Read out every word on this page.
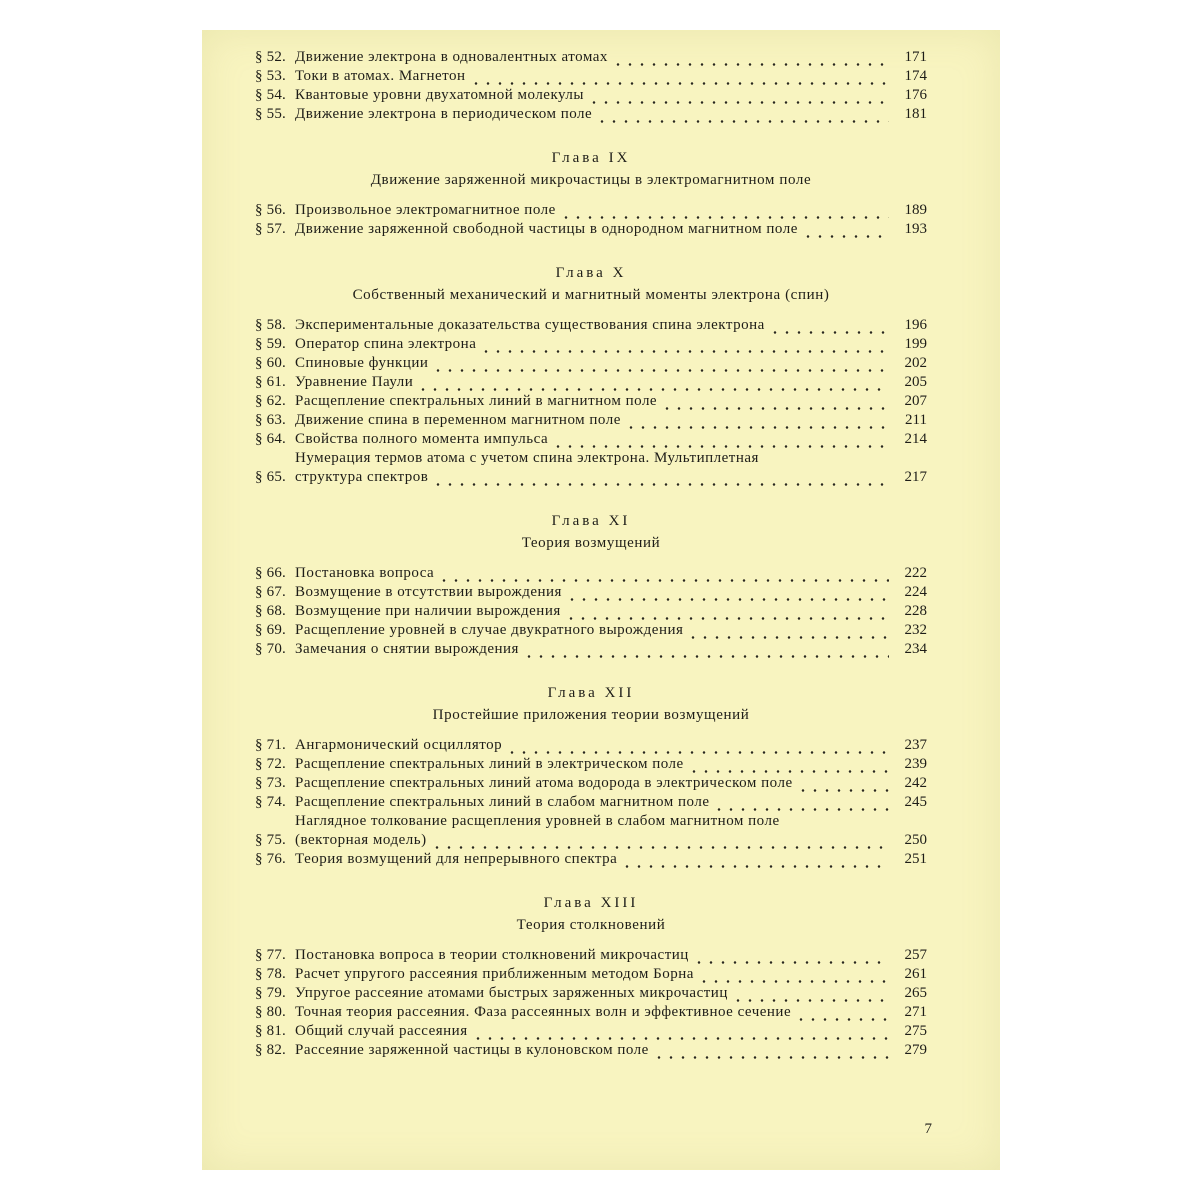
§ 52. Движение электрона в одновалентных атомах	171
§ 53. Токи в атомах. Магнетон	174
§ 54. Квантовые уровни двухатомной молекулы	176
§ 55. Движение электрона в периодическом поле	181
Глава IX
Движение заряженной микрочастицы в электромагнитном поле
§ 56. Произвольное электромагнитное поле	189
§ 57. Движение заряженной свободной частицы в однородном магнитном поле	193
Глава X
Собственный механический и магнитный моменты электрона (спин)
§ 58. Экспериментальные доказательства существования спина электрона	196
§ 59. Оператор спина электрона	199
§ 60. Спиновые функции	202
§ 61. Уравнение Паули	205
§ 62. Расщепление спектральных линий в магнитном поле	207
§ 63. Движение спина в переменном магнитном поле	211
§ 64. Свойства полного момента импульса	214
§ 65.
Нумерация термов атома с учетом спина электрона. Мультиплетная
структура спектров	217
Глава XI
Теория возмущений
§ 66. Постановка вопроса	222
§ 67. Возмущение в отсутствии вырождения	224
§ 68. Возмущение при наличии вырождения	228
§ 69. Расщепление уровней в случае двукратного вырождения	232
§ 70. Замечания о снятии вырождения	234
Глава XII
Простейшие приложения теории возмущений
§ 71. Ангармонический осциллятор	237
§ 72. Расщепление спектральных линий в электрическом поле	239
§ 73. Расщепление спектральных линий атома водорода в электрическом поле	242
§ 74. Расщепление спектральных линий в слабом магнитном поле	245
§ 75.
Наглядное толкование расщепления уровней в слабом магнитном поле
(векторная модель)	250
§ 76. Теория возмущений для непрерывного спектра	251
Глава XIII
Теория столкновений
§ 77. Постановка вопроса в теории столкновений микрочастиц	257
§ 78. Расчет упругого рассеяния приближенным методом Борна	261
§ 79. Упругое рассеяние атомами быстрых заряженных микрочастиц	265
§ 80. Точная теория рассеяния. Фаза рассеянных волн и эффективное сечение	271
§ 81. Общий случай рассеяния	275
§ 82. Рассеяние заряженной частицы в кулоновском поле	279
7
